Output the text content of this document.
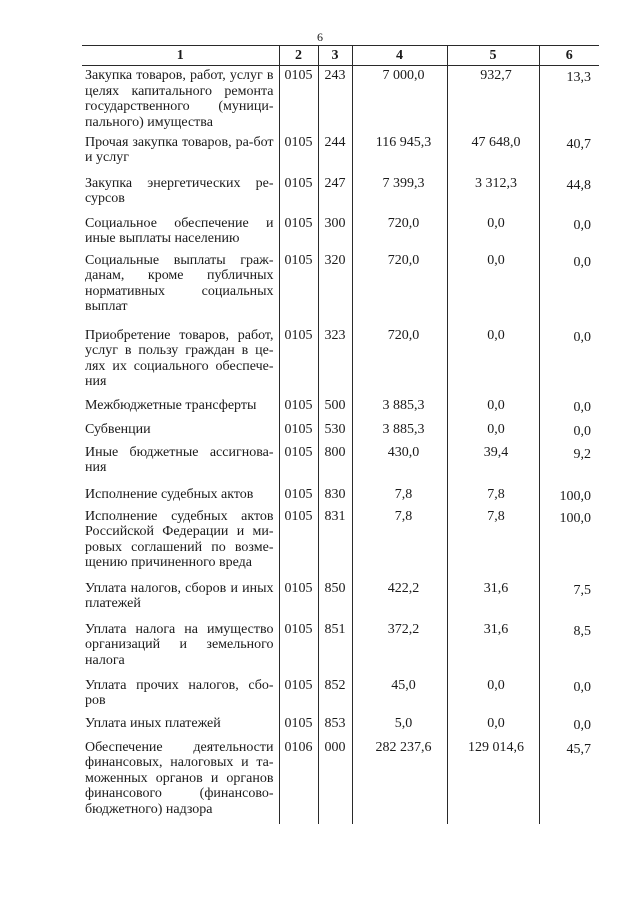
6
1	2	3	4	5	6
Закупка товаров, работ, услуг в целях капитального ремонта государственного (муници-пального) имущества	0105	243	7 000,0	932,7	13,3
Прочая закупка товаров, ра-бот и услуг	0105	244	116 945,3	47 648,0	40,7
Закупка энергетических ре-сурсов	0105	247	7 399,3	3 312,3	44,8
Социальное обеспечение и иные выплаты населению	0105	300	720,0	0,0	0,0
Социальные выплаты граж-данам, кроме публичных нормативных социальных выплат	0105	320	720,0	0,0	0,0
Приобретение товаров, работ, услуг в пользу граждан в це-лях их социального обеспече-ния	0105	323	720,0	0,0	0,0
Межбюджетные трансферты	0105	500	3 885,3	0,0	0,0
Субвенции	0105	530	3 885,3	0,0	0,0
Иные бюджетные ассигнова-ния	0105	800	430,0	39,4	9,2
Исполнение судебных актов	0105	830	7,8	7,8	100,0
Исполнение судебных актов Российской Федерации и ми-ровых соглашений по возме-щению причиненного вреда	0105	831	7,8	7,8	100,0
Уплата налогов, сборов и иных платежей	0105	850	422,2	31,6	7,5
Уплата налога на имущество организаций и земельного налога	0105	851	372,2	31,6	8,5
Уплата прочих налогов, сбо-ров	0105	852	45,0	0,0	0,0
Уплата иных платежей	0105	853	5,0	0,0	0,0
Обеспечение деятельности финансовых, налоговых и та-моженных органов и органов финансового (финансово-бюджетного) надзора	0106	000	282 237,6	129 014,6	45,7
